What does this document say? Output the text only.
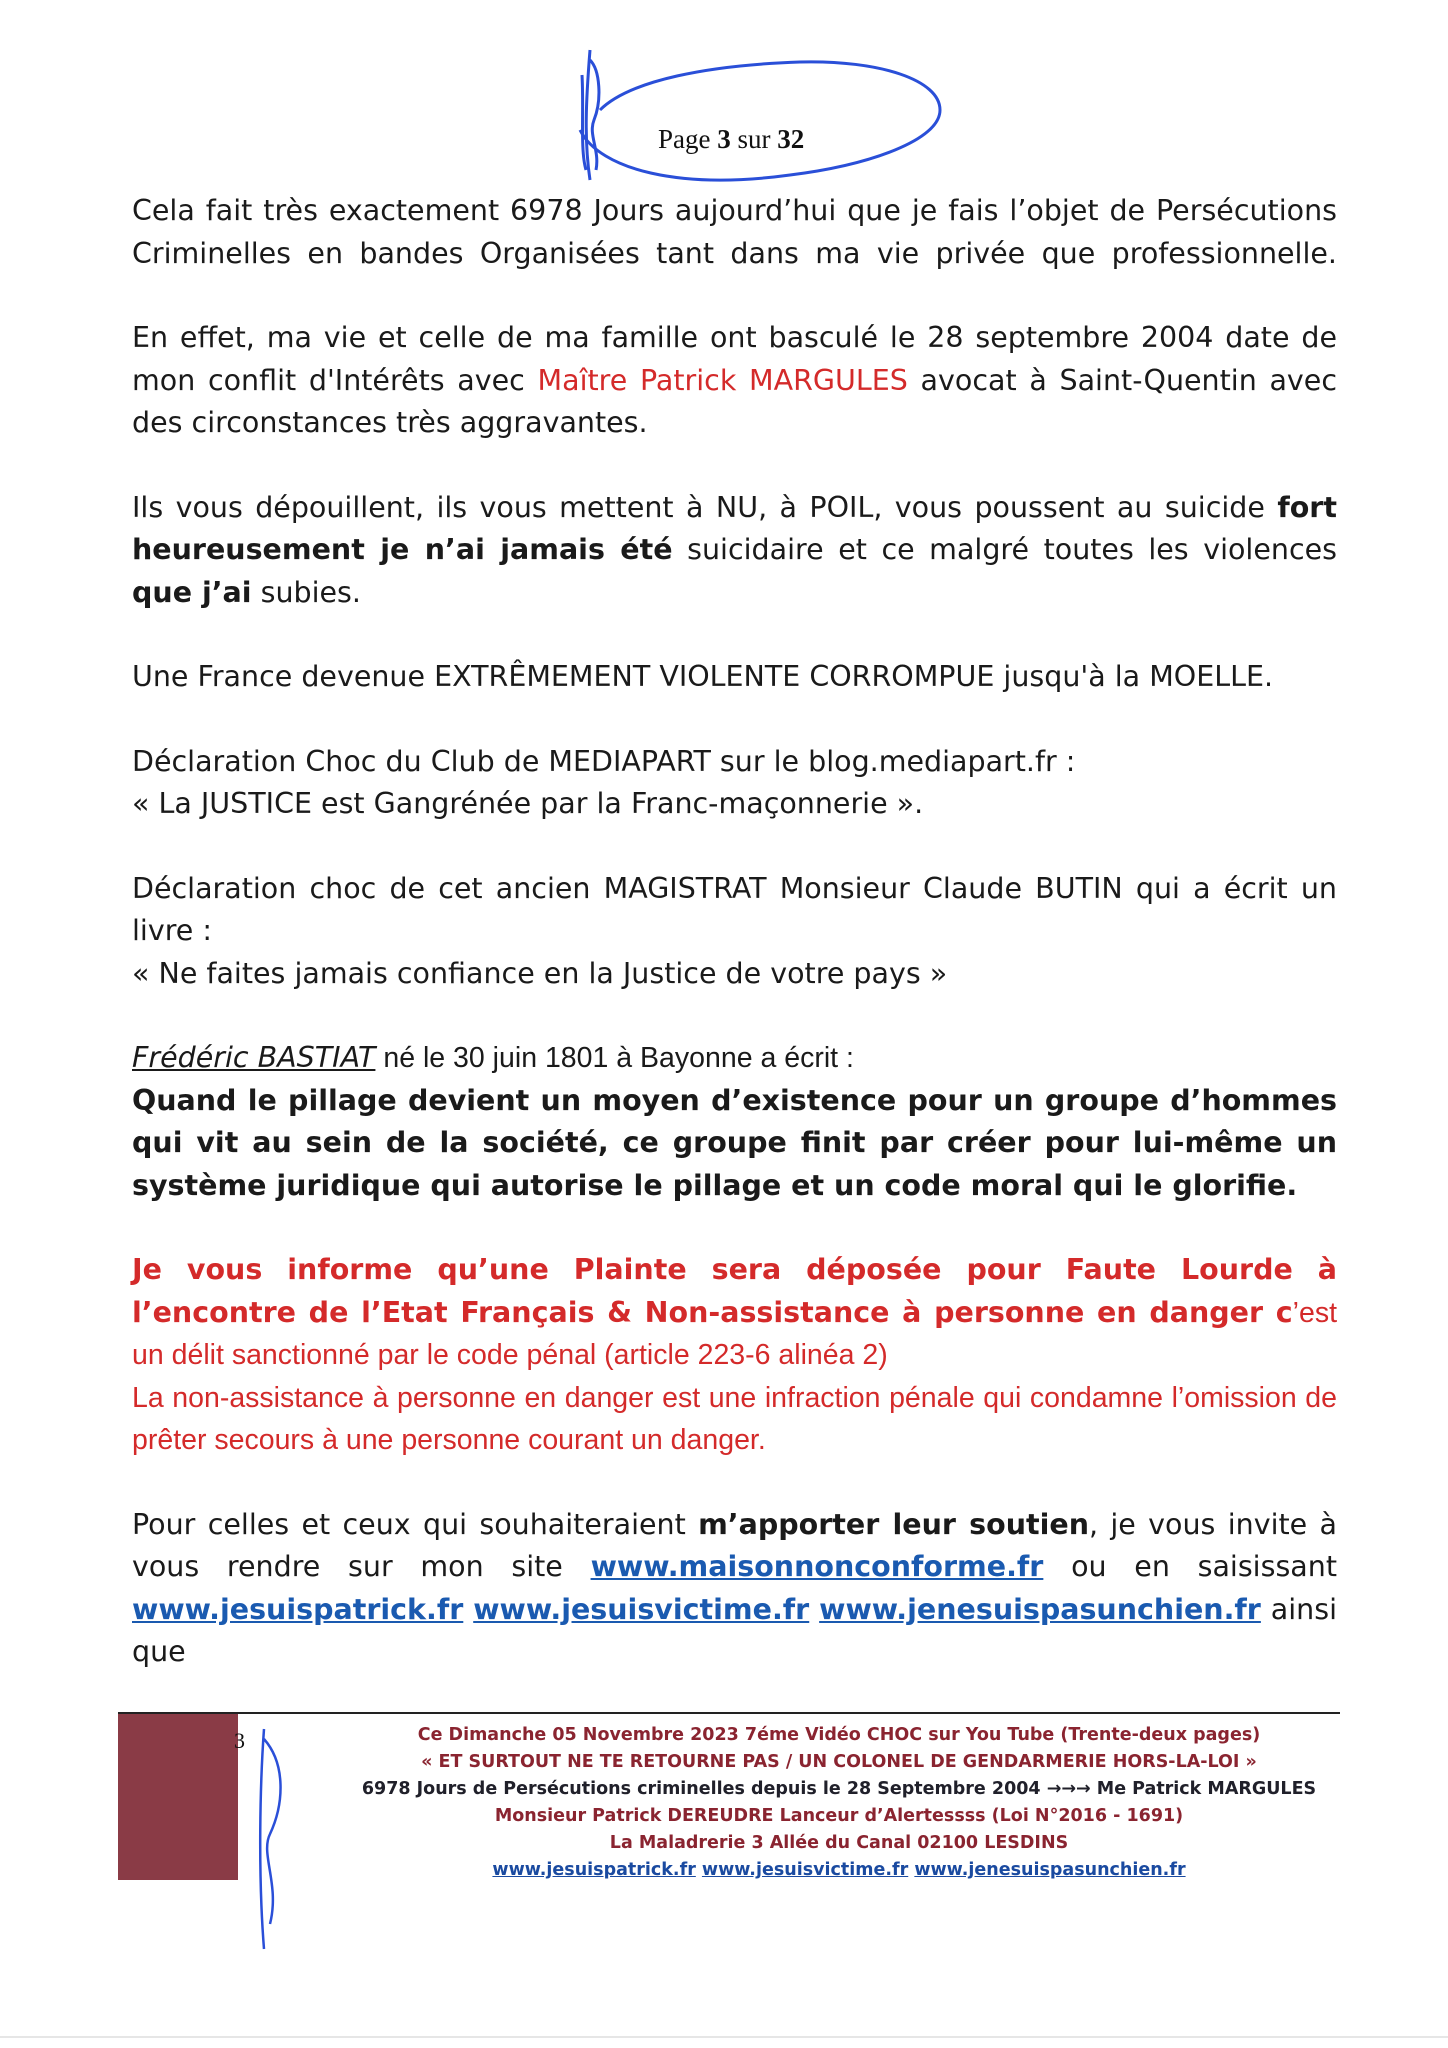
Page 3 sur 32

Cela fait très exactement 6978 Jours aujourd’hui que je fais l’objet de Persécutions Criminelles en bandes Organisées tant dans ma vie privée que professionnelle.

En effet, ma vie et celle de ma famille ont basculé le 28 septembre 2004 date de mon conflit d'Intérêts avec Maître Patrick MARGULES avocat à Saint-Quentin avec des circonstances très aggravantes.

Ils vous dépouillent, ils vous mettent à NU, à POIL, vous poussent au suicide fort heureusement je n’ai jamais été suicidaire et ce malgré toutes les violences que j’ai subies.

Une France devenue EXTRÊMEMENT VIOLENTE CORROMPUE jusqu'à la MOELLE.

Déclaration Choc du Club de MEDIAPART sur le blog.mediapart.fr :
« La JUSTICE est Gangrénée par la Franc-maçonnerie ».

Déclaration choc de cet ancien MAGISTRAT Monsieur Claude BUTIN qui a écrit un livre :
« Ne faites jamais confiance en la Justice de votre pays »

Frédéric BASTIAT né le 30 juin 1801 à Bayonne a écrit :
Quand le pillage devient un moyen d’existence pour un groupe d’hommes qui vit au sein de la société, ce groupe finit par créer pour lui-même un système juridique qui autorise le pillage et un code moral qui le glorifie.

Je vous informe qu’une Plainte sera déposée pour Faute Lourde à l’encontre de l’Etat Français & Non-assistance à personne en danger c’est un délit sanctionné par le code pénal (article 223-6 alinéa 2)
La non-assistance à personne en danger est une infraction pénale qui condamne l’omission de prêter secours à une personne courant un danger.

Pour celles et ceux qui souhaiteraient m’apporter leur soutien, je vous invite à vous rendre sur mon site www.maisonnonconforme.fr ou en saisissant www.jesuispatrick.fr www.jesuisvictime.fr www.jenesuispasunchien.fr ainsi que

3	Ce Dimanche 05 Novembre 2023 7éme Vidéo CHOC sur You Tube (Trente-deux pages)
« ET SURTOUT NE TE RETOURNE PAS / UN COLONEL DE GENDARMERIE HORS-LA-LOI »
6978 Jours de Persécutions criminelles depuis le 28 Septembre 2004 →→→ Me Patrick MARGULES
Monsieur Patrick DEREUDRE Lanceur d’Alertessss (Loi N°2016 - 1691)
La Maladrerie 3 Allée du Canal 02100 LESDINS
www.jesuispatrick.fr www.jesuisvictime.fr www.jenesuispasunchien.fr
